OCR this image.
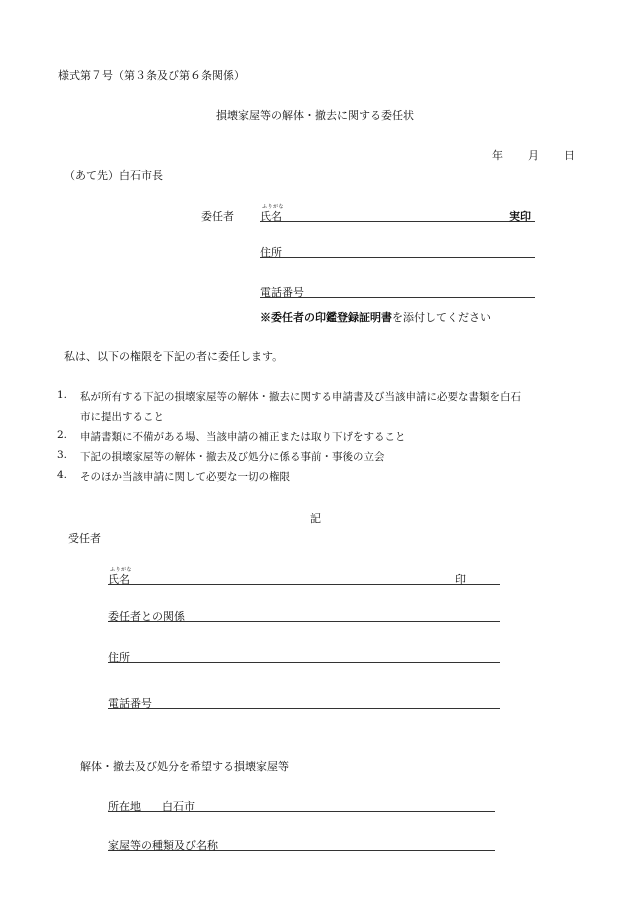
様式第７号（第３条及び第６条関係）
損壊家屋等の解体・撤去に関する委任状
年 月 日
（あて先）白石市長
委任者
ふりがな
氏名	実印
住所
電話番号
※委任者の印鑑登録証明書を添付してください
私は、以下の権限を下記の者に委任します。
1. 私が所有する下記の損壊家屋等の解体・撤去に関する申請書及び当該申請に必要な書類を白石
市に提出すること
2. 申請書類に不備がある場、当該申請の補正または取り下げをすること
3. 下記の損壊家屋等の解体・撤去及び処分に係る事前・事後の立会
4. そのほか当該申請に関して必要な一切の権限
記
受任者
ふりがな
氏名	印
委任者との関係
住所
電話番号
解体・撤去及び処分を希望する損壊家屋等
所在地 白石市
家屋等の種類及び名称
